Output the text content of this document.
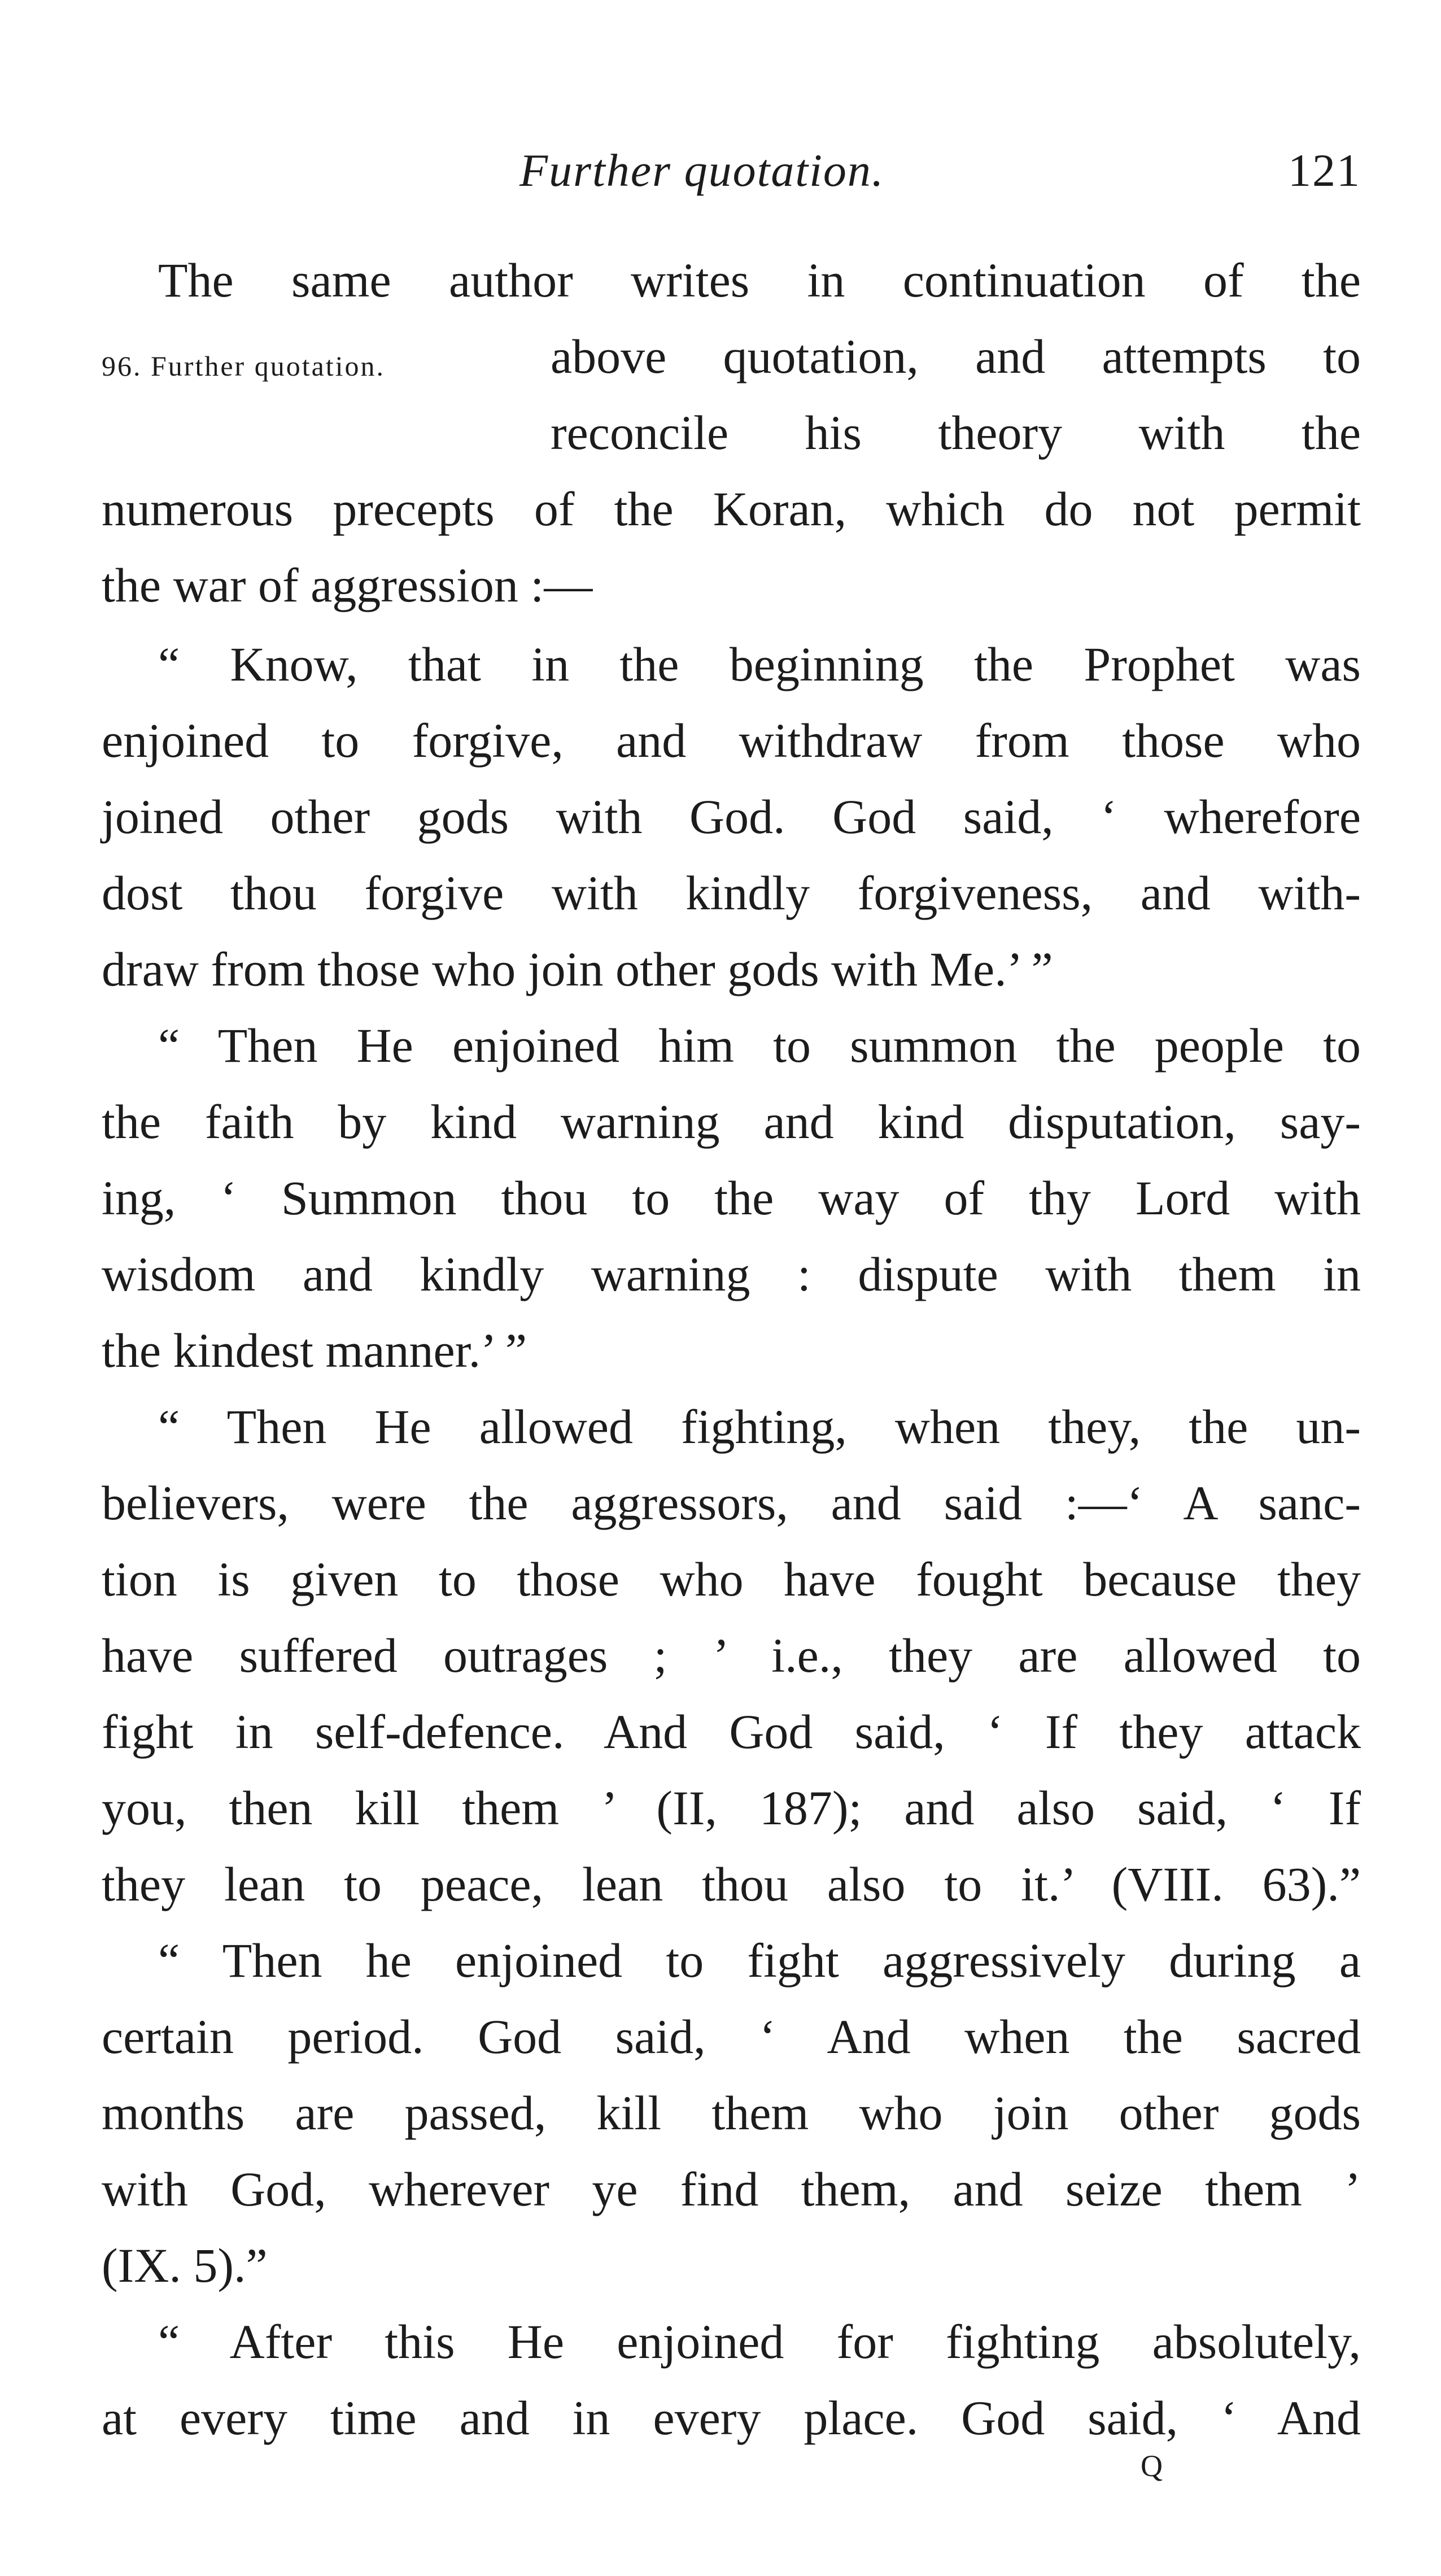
Further quotation.	121
96. Further quotation.
The same author writes in continuation of the
above quotation, and attempts to
reconcile his theory with the
numerous precepts of the Koran, which do not permit
the war of aggression :—
“ Know, that in the beginning the Prophet was
enjoined to forgive, and withdraw from those who
joined other gods with God. God said, ‘ wherefore
dost thou forgive with kindly forgiveness, and with-
draw from those who join other gods with Me.’ ”
“ Then He enjoined him to summon the people to
the faith by kind warning and kind disputation, say-
ing, ‘ Summon thou to the way of thy Lord with
wisdom and kindly warning : dispute with them in
the kindest manner.’ ”
“ Then He allowed fighting, when they, the un-
believers, were the aggressors, and said :—‘ A sanc-
tion is given to those who have fought because they
have suffered outrages ; ’ i.e., they are allowed to
fight in self-defence. And God said, ‘ If they attack
you, then kill them ’ (II, 187); and also said, ‘ If
they lean to peace, lean thou also to it.’ (VIII. 63).”
“ Then he enjoined to fight aggressively during a
certain period. God said, ‘ And when the sacred
months are passed, kill them who join other gods
with God, wherever ye find them, and seize them ’
(IX. 5).”
“ After this He enjoined for fighting absolutely,
at every time and in every place. God said, ‘ And
Q
